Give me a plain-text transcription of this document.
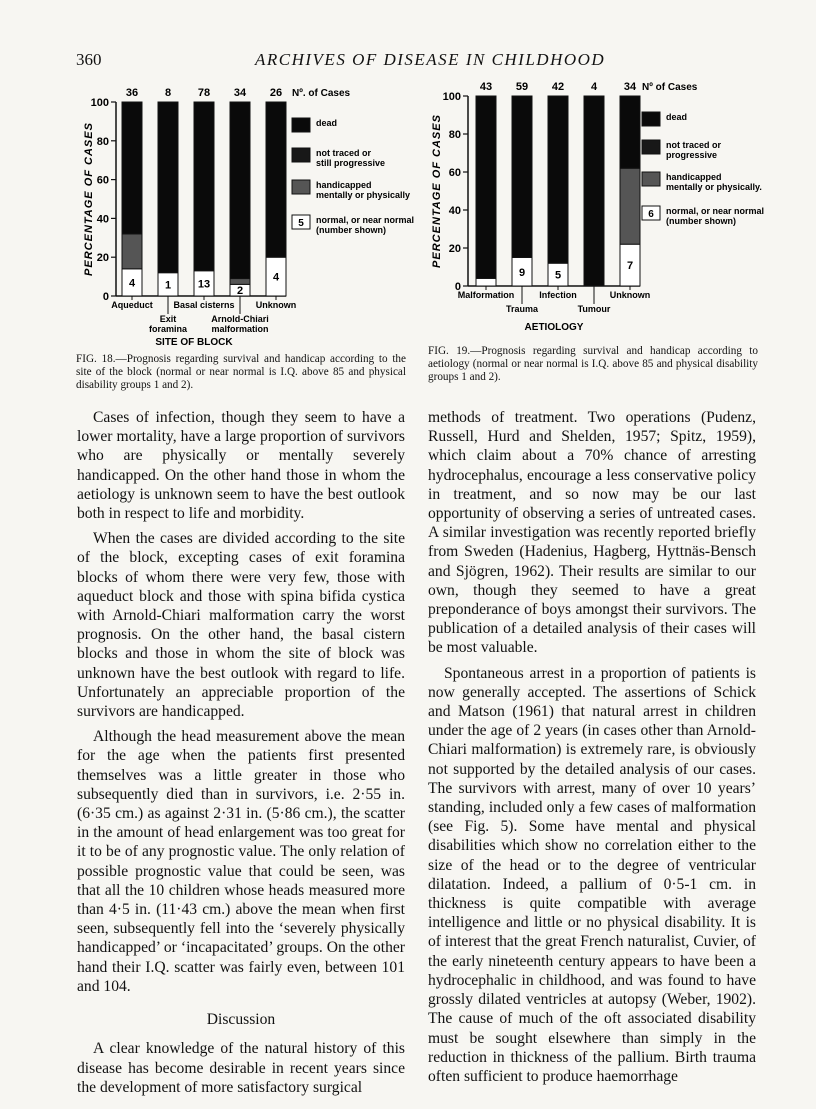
360	ARCHIVES OF DISEASE IN CHILDHOOD
0
20
40
60
80
100
PERCENTAGE OF CASES
4
36
Aqueduct
1
8
Exit
foramina
13
78
Basal cisterns
2
34
Arnold-Chiari
malformation
4
26
Unknown
Nº. of Cases
dead
not traced or
still progressive
handicapped
mentally or physically
5 normal, or near normal
(number shown)
SITE OF BLOCK
FIG. 18.—Prognosis regarding survival and handicap according to the site of the block (normal or near normal is I.Q. above 85 and physical disability groups 1 and 2).
0
20
40
60
80
100
PERCENTAGE OF CASES
43
Malformation
9
59
Trauma
5
42
Infection
4
Tumour
7
34
Unknown
Nº of Cases
dead
not traced or
progressive
handicapped
mentally or physically.
6 normal, or near normal
(number shown)
AETIOLOGY
FIG. 19.—Prognosis regarding survival and handicap according to aetiology (normal or near normal is I.Q. above 85 and physical disability groups 1 and 2).

Cases of infection, though they seem to have a lower mortality, have a large proportion of survivors who are physically or mentally severely handicapped. On the other hand those in whom the aetiology is unknown seem to have the best outlook both in respect to life and morbidity.

When the cases are divided according to the site of the block, excepting cases of exit foramina blocks of whom there were very few, those with aqueduct block and those with spina bifida cystica with Arnold-Chiari malformation carry the worst prognosis. On the other hand, the basal cistern blocks and those in whom the site of block was unknown have the best outlook with regard to life. Unfortunately an appreciable proportion of the survivors are handicapped.

Although the head measurement above the mean for the age when the patients first presented themselves was a little greater in those who subsequently died than in survivors, i.e. 2·55 in. (6·35 cm.) as against 2·31 in. (5·86 cm.), the scatter in the amount of head enlargement was too great for it to be of any prognostic value. The only relation of possible prognostic value that could be seen, was that all the 10 children whose heads measured more than 4·5 in. (11·43 cm.) above the mean when first seen, subsequently fell into the ‘severely physically handicapped’ or ‘incapacitated’ groups. On the other hand their I.Q. scatter was fairly even, between 101 and 104.

Discussion

A clear knowledge of the natural history of this disease has become desirable in recent years since the development of more satisfactory surgical

methods of treatment. Two operations (Pudenz, Russell, Hurd and Shelden, 1957; Spitz, 1959), which claim about a 70% chance of arresting hydrocephalus, encourage a less conservative policy in treatment, and so now may be our last opportunity of observing a series of untreated cases. A similar investigation was recently reported briefly from Sweden (Hadenius, Hagberg, Hyttnäs-Bensch and Sjögren, 1962). Their results are similar to our own, though they seemed to have a great preponderance of boys amongst their survivors. The publication of a detailed analysis of their cases will be most valuable.

Spontaneous arrest in a proportion of patients is now generally accepted. The assertions of Schick and Matson (1961) that natural arrest in children under the age of 2 years (in cases other than Arnold-Chiari malformation) is extremely rare, is obviously not supported by the detailed analysis of our cases. The survivors with arrest, many of over 10 years’ standing, included only a few cases of malformation (see Fig. 5). Some have mental and physical disabilities which show no correlation either to the size of the head or to the degree of ventricular dilatation. Indeed, a pallium of 0·5-1 cm. in thickness is quite compatible with average intelligence and little or no physical disability. It is of interest that the great French naturalist, Cuvier, of the early nineteenth century appears to have been a hydrocephalic in childhood, and was found to have grossly dilated ventricles at autopsy (Weber, 1902). The cause of much of the oft associated disability must be sought elsewhere than simply in the reduction in thickness of the pallium. Birth trauma often sufficient to produce haemorrhage
